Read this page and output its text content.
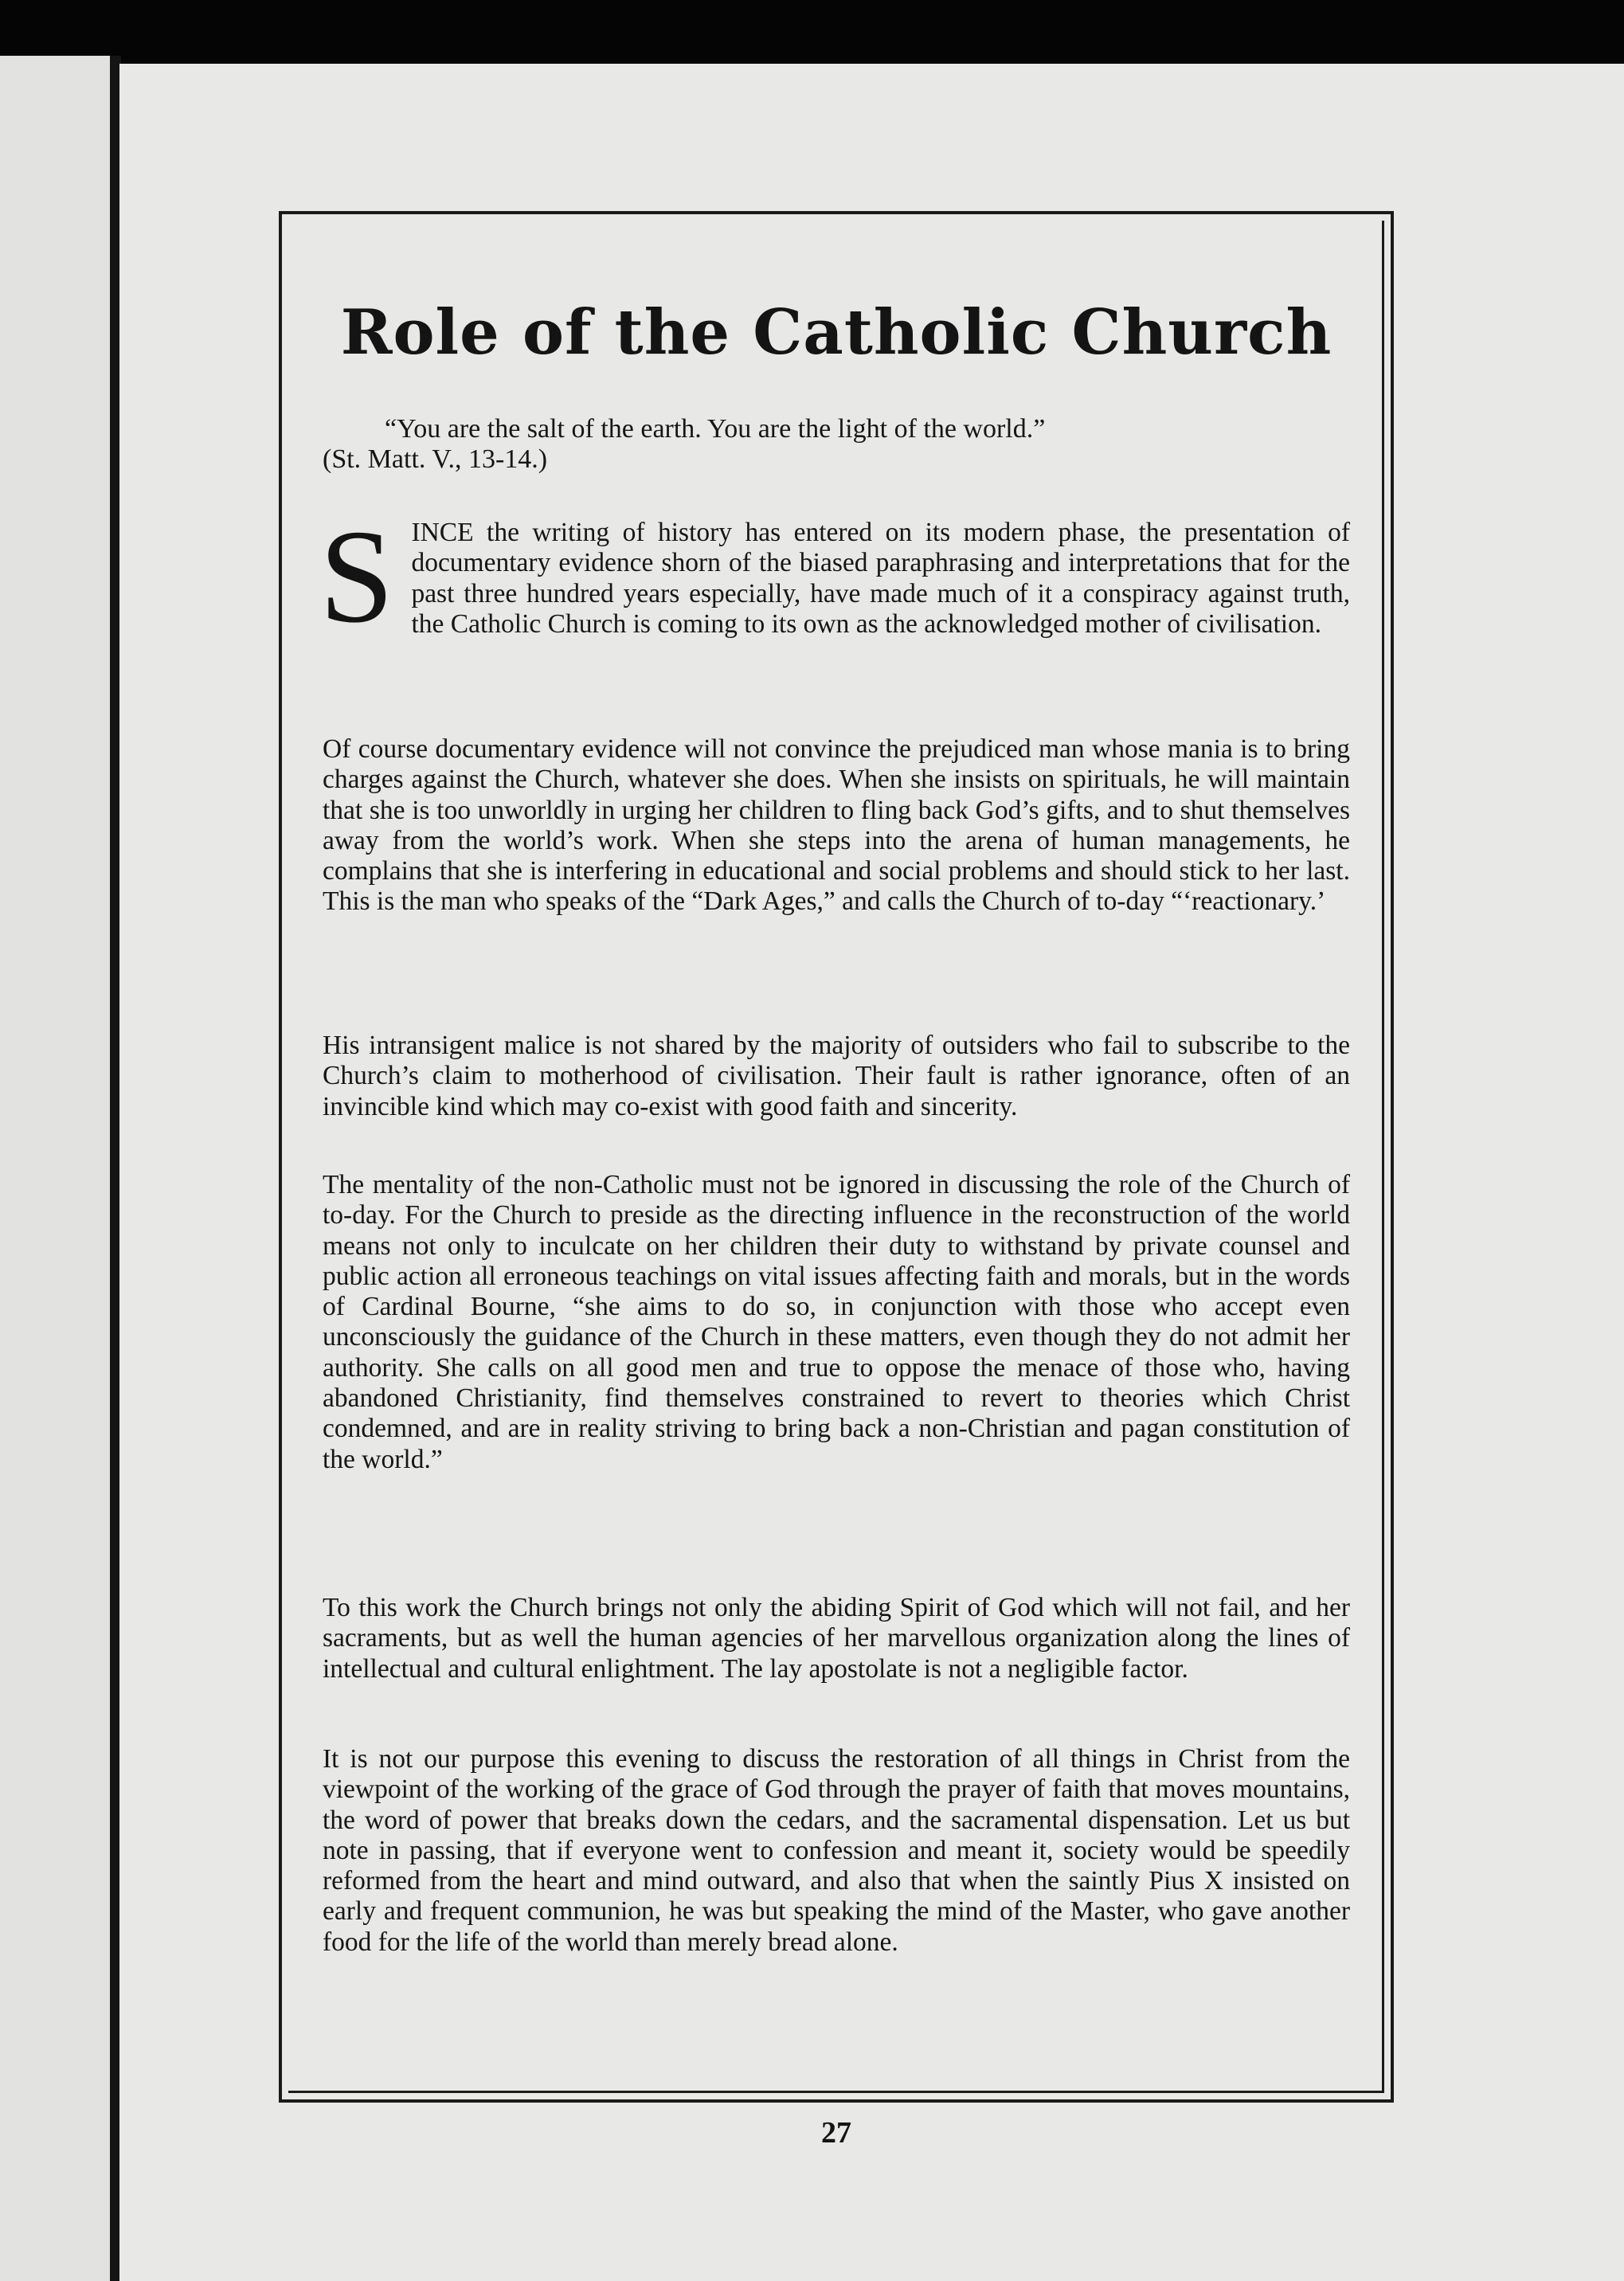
Role of the Catholic Church
“You are the salt of the earth. You are the light of the world.”
(St. Matt. V., 13-14.)
S INCE the writing of history has entered on its modern phase, the presentation of documentary evidence shorn of the biased paraphrasing and interpretations that for the past three hundred years especially, have made much of it a conspiracy against truth, the Catholic Church is coming to its own as the acknowledged mother of civilisation.

Of course documentary evidence will not convince the prejudiced man whose mania is to bring charges against the Church, whatever she does. When she insists on spirituals, he will maintain that she is too unworldly in urging her children to fling back God’s gifts, and to shut themselves away from the world’s work. When she steps into the arena of human managements, he complains that she is interfering in educational and social problems and should stick to her last. This is the man who speaks of the “Dark Ages,” and calls the Church of to-day “‘reactionary.’

His intransigent malice is not shared by the majority of outsiders who fail to subscribe to the Church’s claim to motherhood of civilisation. Their fault is rather ignorance, often of an invincible kind which may co-exist with good faith and sincerity.

The mentality of the non-Catholic must not be ignored in discussing the role of the Church of to-day. For the Church to preside as the directing influence in the reconstruction of the world means not only to inculcate on her children their duty to withstand by private counsel and public action all erroneous teachings on vital issues affecting faith and morals, but in the words of Cardinal Bourne, “she aims to do so, in conjunction with those who accept even unconsciously the guidance of the Church in these matters, even though they do not admit her authority. She calls on all good men and true to oppose the menace of those who, having abandoned Christianity, find themselves constrained to revert to theories which Christ condemned, and are in reality striving to bring back a non-Christian and pagan constitution of the world.”

To this work the Church brings not only the abiding Spirit of God which will not fail, and her sacraments, but as well the human agencies of her marvellous organization along the lines of intellectual and cultural enlightment. The lay apostolate is not a negligible factor.

It is not our purpose this evening to discuss the restoration of all things in Christ from the viewpoint of the working of the grace of God through the prayer of faith that moves mountains, the word of power that breaks down the cedars, and the sacramental dispensation. Let us but note in passing, that if everyone went to confession and meant it, society would be speedily reformed from the heart and mind outward, and also that when the saintly Pius X insisted on early and frequent communion, he was but speaking the mind of the Master, who gave another food for the life of the world than merely bread alone.

27
